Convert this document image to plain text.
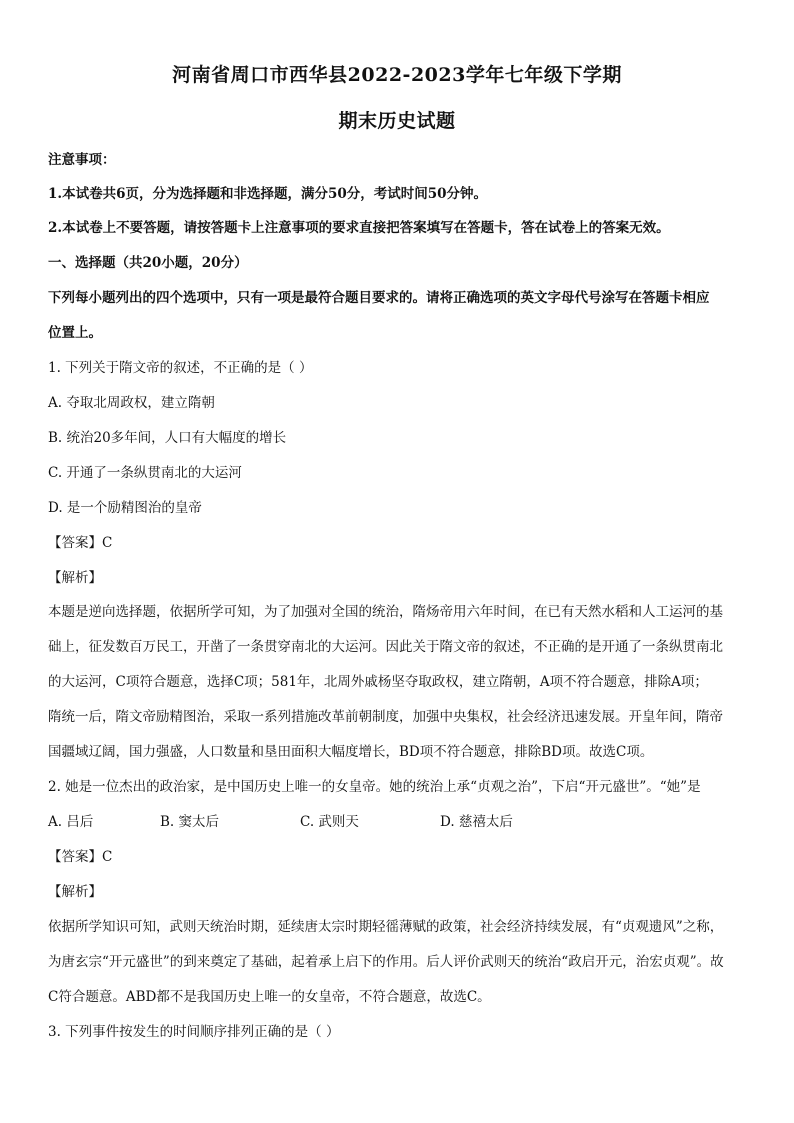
河南省周口市西华县2022-2023学年七年级下学期
期末历史试题
注意事项：
1.本试卷共6页，分为选择题和非选择题，满分50分，考试时间50分钟。
2.本试卷上不要答题，请按答题卡上注意事项的要求直接把答案填写在答题卡，答在试卷上的答案无效。
一、选择题（共20小题，20分）
下列每小题列出的四个选项中，只有一项是最符合题目要求的。请将正确选项的英文字母代号涂写在答题卡相应
位置上。
1. 下列关于隋文帝的叙述，不正确的是（ ）
A. 夺取北周政权，建立隋朝
B. 统治20多年间，人口有大幅度的增长
C. 开通了一条纵贯南北的大运河
D. 是一个励精图治的皇帝
【答案】C
【解析】
本题是逆向选择题，依据所学可知，为了加强对全国的统治，隋炀帝用六年时间，在已有天然水稻和人工运河的基
础上，征发数百万民工，开凿了一条贯穿南北的大运河。因此关于隋文帝的叙述，不正确的是开通了一条纵贯南北
的大运河，C项符合题意，选择C项；581年，北周外戚杨坚夺取政权，建立隋朝，A项不符合题意，排除A项；
隋统一后，隋文帝励精图治，采取一系列措施改革前朝制度，加强中央集权，社会经济迅速发展。开皇年间，隋帝
国疆域辽阔，国力强盛，人口数量和垦田面积大幅度增长，BD项不符合题意，排除BD项。故选C项。
2. 她是一位杰出的政治家，是中国历史上唯一的女皇帝。她的统治上承“贞观之治”，下启“开元盛世”。“她”是
A. 吕后	B. 窦太后	C. 武则天	D. 慈禧太后
【答案】C
【解析】
依据所学知识可知，武则天统治时期，延续唐太宗时期轻徭薄赋的政策，社会经济持续发展，有“贞观遗风”之称，
为唐玄宗“开元盛世”的到来奠定了基础，起着承上启下的作用。后人评价武则天的统治“政启开元，治宏贞观”。故
C符合题意。ABD都不是我国历史上唯一的女皇帝，不符合题意，故选C。
3. 下列事件按发生的时间顺序排列正确的是（ ）
